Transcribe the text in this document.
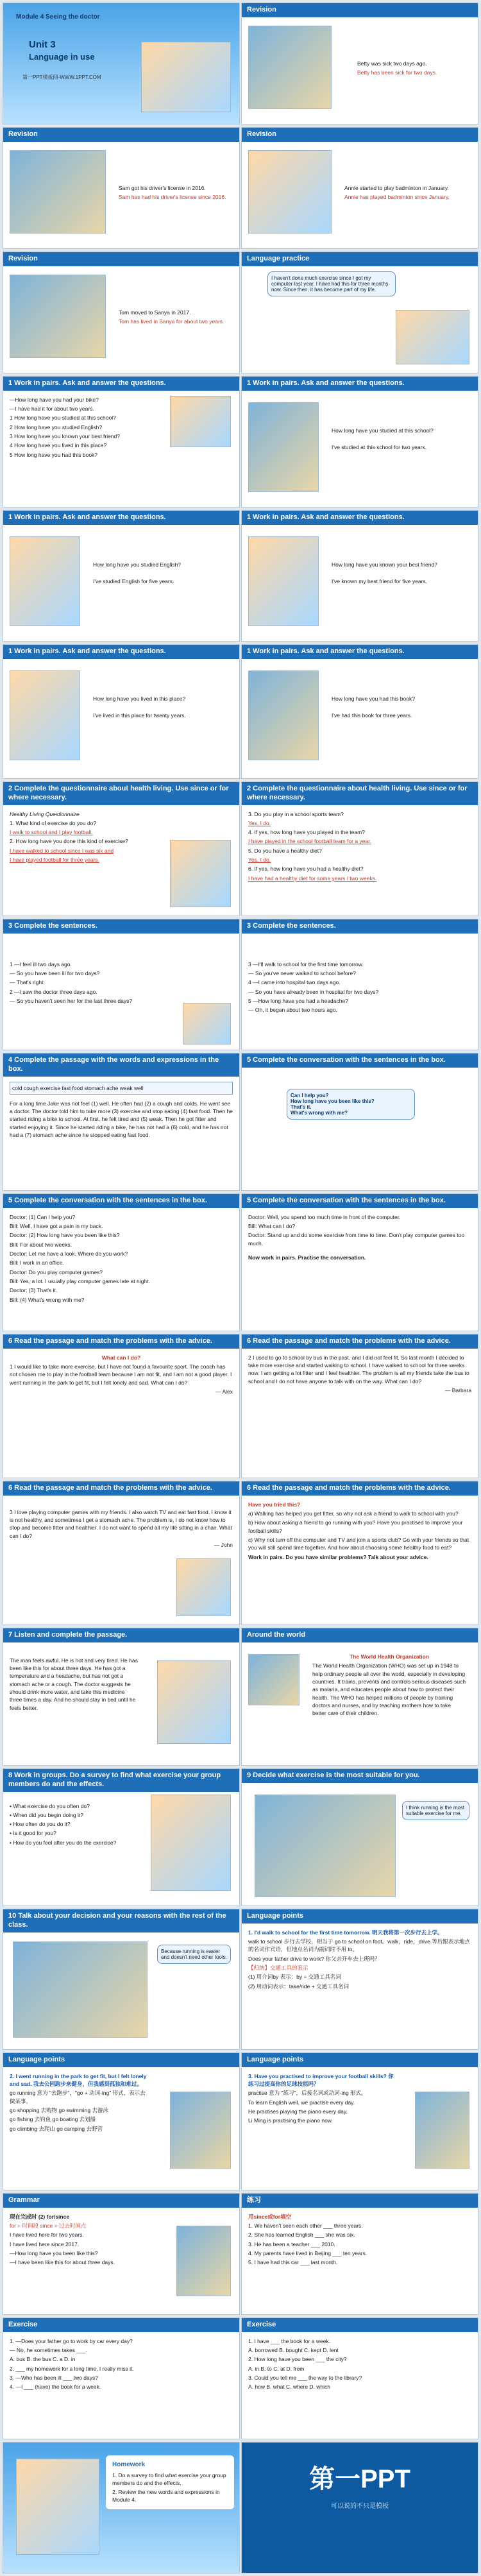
Module 4 Seeing the doctor
Unit 3
Language in use
第一PPT模板网-WWW.1PPT.COM
Revision
Betty was sick two days ago.
Betty has been sick for two days.
Revision
Sam got his driver's license in 2016.
Sam has had his driver's license since 2016.
Revision
Annie started to play badminton in January.
Annie has played badminton since January.
Revision
Tom moved to Sanya in 2017.
Tom has lived in Sanya for about two years.
Language practice
I haven't done much exercise since I got my computer last year. I have had this for three months now. Since then, it has become part of my life.
1 Work in pairs. Ask and answer the questions.
—How long have you had your bike?
—I have had it for about two years.
1 How long have you studied at this school?
2 How long have you studied English?
3 How long have you known your best friend?
4 How long have you lived in this place?
5 How long have you had this book?
1 Work in pairs. Ask and answer the questions.
How long have you studied at this school?
I've studied at this school for two years.
1 Work in pairs. Ask and answer the questions.
How long have you studied English?
I've studied English for five years.
1 Work in pairs. Ask and answer the questions.
How long have you known your best friend?
I've known my best friend for five years.
1 Work in pairs. Ask and answer the questions.
How long have you lived in this place?
I've lived in this place for twenty years.
1 Work in pairs. Ask and answer the questions.
How long have you had this book?
I've had this book for three years.
2 Complete the questionnaire about health living. Use since or for where necessary.
Healthy Living Questionnaire
1. What kind of exercise do you do?
I walk to school and I play football.
2. How long have you done this kind of exercise?
I have walked to school since I was six and
I have played football for three years.
2 Complete the questionnaire about health living. Use since or for where necessary.
3. Do you play in a school sports team?
Yes, I do.
4. If yes, how long have you played in the team?
I have played in the school football team for a year.
5. Do you have a healthy diet?
Yes, I do.
6. If yes, how long have you had a healthy diet?
I have had a healthy diet for some years / two weeks.
3 Complete the sentences.
1 —I feel ill two days ago.
— So you have been ill for two days?
— That's right.
2 —I saw the doctor three days ago.
— So you haven't seen her for the last three days?
3 Complete the sentences.
3 —I'll walk to school for the first time tomorrow.
— So you've never walked to school before?
4 —I came into hospital two days ago.
— So you have already been in hospital for two days?
5 —How long have you had a headache?
— Oh, it began about two hours ago.
4 Complete the passage with the words and expressions in the box.
cold cough exercise fast food stomach ache weak well
For a long time Jake was not feel (1) well. He often had (2) a cough and colds. He went see a doctor. The doctor told him to take more (3) exercise and stop eating (4) fast food. Then he started riding a bike to school. At first, he felt tired and (5) weak. Then he got fitter and started enjoying it. Since he started riding a bike, he has not had a (6) cold, and he has not had a (7) stomach ache since he stopped eating fast food.
5 Complete the conversation with the sentences in the box.
Can I help you?
How long have you been like this?
That's it.
What's wrong with me?
5 Complete the conversation with the sentences in the box.
Doctor: (1) Can I help you?
Bill: Well, I have got a pain in my back.
Doctor: (2) How long have you been like this?
Bill: For about two weeks.
Doctor: Let me have a look. Where do you work?
Bill: I work in an office.
Doctor: Do you play computer games?
Bill: Yes, a lot. I usually play computer games late at night.
Doctor: (3) That's it.
Bill: (4) What's wrong with me?
5 Complete the conversation with the sentences in the box.
Doctor: Well, you spend too much time in front of the computer.
Bill: What can I do?
Doctor: Stand up and do some exercise from time to time. Don't play computer games too much.
Now work in pairs. Practise the conversation.
6 Read the passage and match the problems with the advice.
What can I do?
1 I would like to take more exercise, but I have not found a favourite sport. The coach has not chosen me to play in the football team because I am not fit, and I am not a good player. I went running in the park to get fit, but I felt lonely and sad. What can I do?
— Alex
6 Read the passage and match the problems with the advice.
2 I used to go to school by bus in the past, and I did not feel fit. So last month I decided to take more exercise and started walking to school. I have walked to school for three weeks now. I am getting a lot fitter and I feel healthier. The problem is all my friends take the bus to school and I do not have anyone to talk with on the way. What can I do?
— Barbara
6 Read the passage and match the problems with the advice.
3 I love playing computer games with my friends. I also watch TV and eat fast food. I know it is not healthy, and sometimes I get a stomach ache. The problem is, I do not know how to stop and become fitter and healthier. I do not want to spend all my life sitting in a chair. What can I do?
— John
6 Read the passage and match the problems with the advice.
Have you tried this?
a) Walking has helped you get fitter, so why not ask a friend to walk to school with you?
b) How about asking a friend to go running with you? Have you practised to improve your football skills?
c) Why not turn off the computer and TV and join a sports club? Go with your friends so that you will still spend time together. And how about choosing some healthy food to eat?
Work in pairs. Do you have similar problems? Talk about your advice.
7 Listen and complete the passage.
The man feels awful. He is hot and very tired. He has been like this for about three days. He has got a temperature and a headache, but has not got a stomach ache or a cough. The doctor suggests he should drink more water, and take this medicine three times a day. And he should stay in bed until he feels better.
Around the world
The World Health Organization
The World Health Organization (WHO) was set up in 1948 to help ordinary people all over the world, especially in developing countries. It trains, prevents and controls serious diseases such as malaria, and educates people about how to protect their health. The WHO has helped millions of people by training doctors and nurses, and by teaching mothers how to take better care of their children.
8 Work in groups. Do a survey to find what exercise your group members do and the effects.
• What exercise do you often do?
• When did you begin doing it?
• How often do you do it?
• Is it good for you?
• How do you feel after you do the exercise?
9 Decide what exercise is the most suitable for you.
I think running is the most suitable exercise for me.
10 Talk about your decision and your reasons with the rest of the class.
Because running is easier and doesn't need other tools.
Language points
1. I'd walk to school for the first time tomorrow. 明天我将第一次步行去上学。
walk to school 步行去学校，相当于 go to school on foot。walk，ride，drive 等后跟表示地点的名词作宾语，但地点名词为副词时不用 to。
Does your father drive to work? 你父亲开车去上班吗？
【归纳】交通工具的表示
(1) 用介词by 表示：by + 交通工具名词
(2) 用动词表示：take/ride + 交通工具名词
Language points
2. I went running in the park to get fit, but I felt lonely and sad. 我去公园跑步来健身，但我感到孤独和难过。
go running 意为 "去跑步"，"go + 动词-ing" 形式，表示去做某事。
go shopping 去购物 go swimming 去游泳
go fishing 去钓鱼 go boating 去划船
go climbing 去爬山 go camping 去野营
Language points
3. Have you practised to improve your football skills? 你练习过提高你的足球技能吗？
practise 意为 "练习"，后接名词或动词-ing 形式。
To learn English well, we practise every day.
He practises playing the piano every day.
Li Ming is practising the piano now.
Grammar
现在完成时 (2) for/since
for + 时间段 since + 过去时间点
I have lived here for two years.
I have lived here since 2017.
—How long have you been like this?
—I have been like this for about three days.
练习
用since或for填空
1. We haven't seen each other ___ three years.
2. She has learned English ___ she was six.
3. He has been a teacher ___ 2010.
4. My parents have lived in Beijing ___ ten years.
5. I have had this car ___ last month.
Exercise
1. —Does your father go to work by car every day?
— No, he sometimes takes ___.
A. bus B. the bus C. a D. in
2. ___ my homework for a long time, I really miss it.
3. —Who has been ill ___ two days?
4. —I ___ (have) the book for a week.
Exercise
1. I have ___ the book for a week.
A. borrowed B. bought C. kept D. lent
2. How long have you been ___ the city?
A. in B. to C. at D. from
3. Could you tell me ___ the way to the library?
A. how B. what C. where D. which
Homework
1. Do a survey to find what exercise your group members do and the effects.
2. Review the new words and expressions in Module 4.
第一PPT
可以说的不只是模板
